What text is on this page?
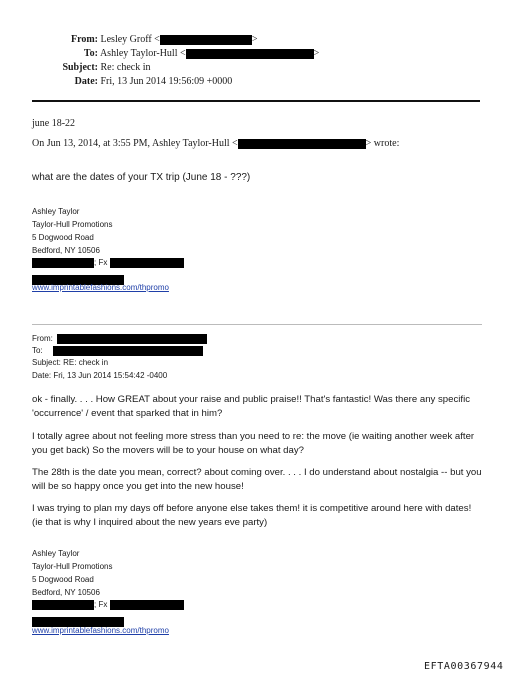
From: Lesley Groff <	>
To: Ashley Taylor-Hull <	>
Subject: Re: check in
Date: Fri, 13 Jun 2014 19:56:09 +0000
june 18-22
On Jun 13, 2014, at 3:55 PM, Ashley Taylor-Hull <	> wrote:
what are the dates of your TX trip (June 18 - ???)
Ashley Taylor
Taylor-Hull Promotions
5 Dogwood Road
Bedford, NY 10506
; Fx
www.imprintablefashions.com/thpromo
From:
To:
Subject: RE: check in
Date: Fri, 13 Jun 2014 15:54:42 -0400
ok - finally. . . . How GREAT about your raise and public praise!! That's fantastic! Was there any specific 'occurrence' / event that sparked that in him?
I totally agree about not feeling more stress than you need to re: the move (ie waiting another week after you get back) So the movers will be to your house on what day?
The 28th is the date you mean, correct? about coming over. . . . I do understand about nostalgia -- but you will be so happy once you get into the new house!
I was trying to plan my days off before anyone else takes them! it is competitive around here with dates! (ie that is why I inquired about the new years eve party)
Ashley Taylor
Taylor-Hull Promotions
5 Dogwood Road
Bedford, NY 10506
; Fx
www.imprintablefashions.com/thpromo
EFTA00367944
